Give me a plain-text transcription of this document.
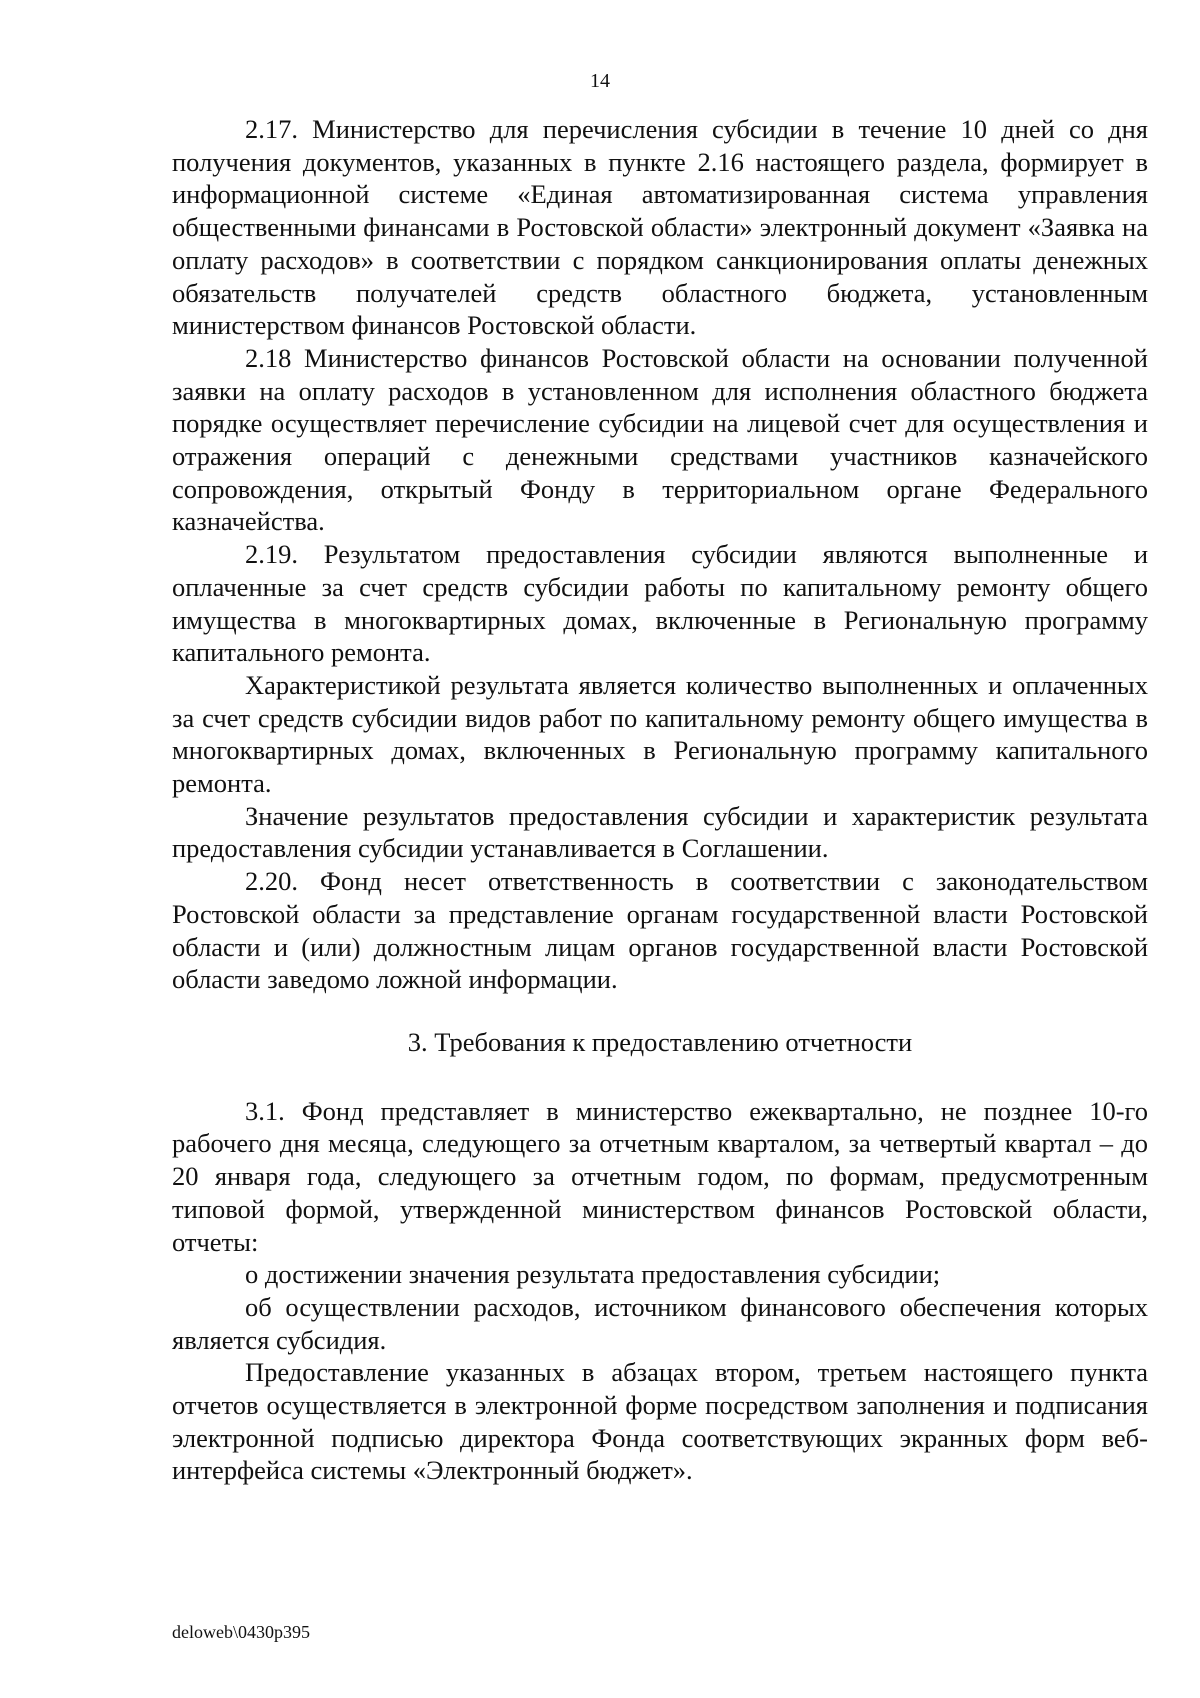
14

2.17. Министерство для перечисления субсидии в течение 10 дней со дня получения документов, указанных в пункте 2.16 настоящего раздела, формирует в информационной системе «Единая автоматизированная система управления общественными финансами в Ростовской области» электронный документ «Заявка на оплату расходов» в соответствии с порядком санкционирования оплаты денежных обязательств получателей средств областного бюджета, установленным министерством финансов Ростовской области.

2.18 Министерство финансов Ростовской области на основании полученной заявки на оплату расходов в установленном для исполнения областного бюджета порядке осуществляет перечисление субсидии на лицевой счет для осуществления и отражения операций с денежными средствами участников казначейского сопровождения, открытый Фонду в территориальном органе Федерального казначейства.

2.19. Результатом предоставления субсидии являются выполненные и оплаченные за счет средств субсидии работы по капитальному ремонту общего имущества в многоквартирных домах, включенные в Региональную программу капитального ремонта.

Характеристикой результата является количество выполненных и оплаченных за счет средств субсидии видов работ по капитальному ремонту общего имущества в многоквартирных домах, включенных в Региональную программу капитального ремонта.

Значение результатов предоставления субсидии и характеристик результата предоставления субсидии устанавливается в Соглашении.

2.20. Фонд несет ответственность в соответствии с законодательством Ростовской области за представление органам государственной власти Ростовской области и (или) должностным лицам органов государственной власти Ростовской области заведомо ложной информации.

3. Требования к предоставлению отчетности

3.1. Фонд представляет в министерство ежеквартально, не позднее 10-го рабочего дня месяца, следующего за отчетным кварталом, за четвертый квартал – до 20 января года, следующего за отчетным годом, по формам, предусмотренным типовой формой, утвержденной министерством финансов Ростовской области, отчеты:

о достижении значения результата предоставления субсидии;

об осуществлении расходов, источником финансового обеспечения которых является субсидия.

Предоставление указанных в абзацах втором, третьем настоящего пункта отчетов осуществляется в электронной форме посредством заполнения и подписания электронной подписью директора Фонда соответствующих экранных форм веб-интерфейса системы «Электронный бюджет».

deloweb\0430p395
